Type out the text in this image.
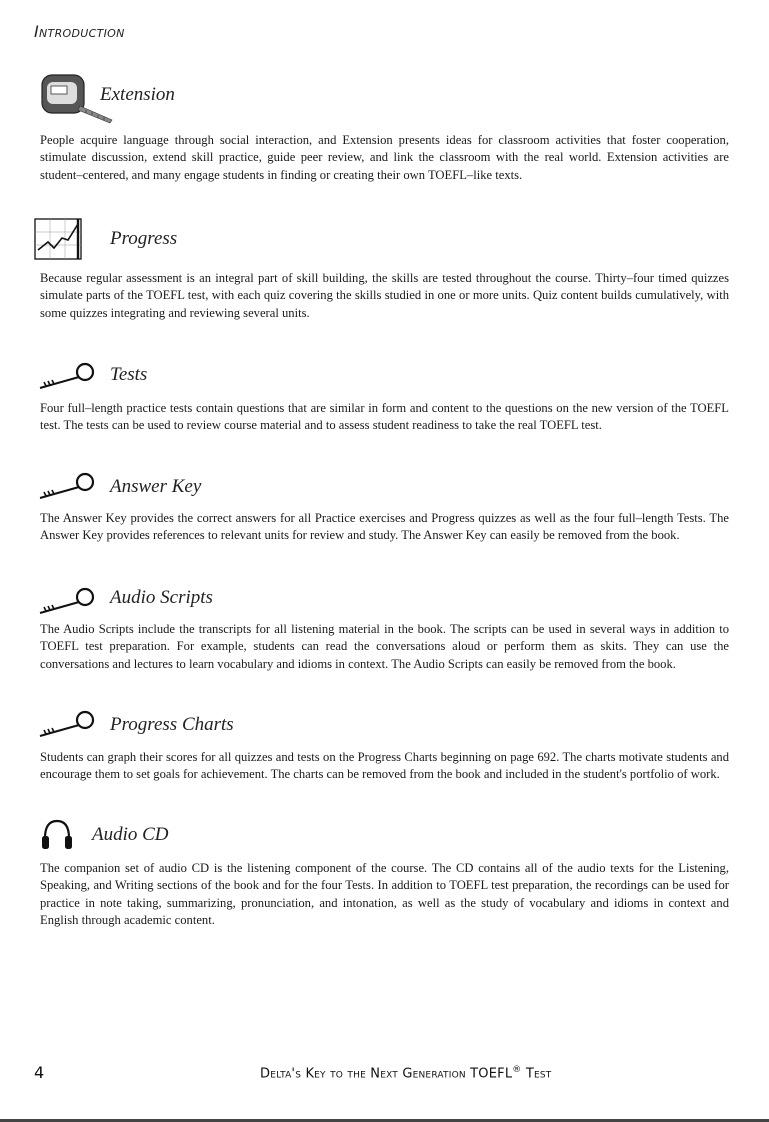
Introduction
Extension

People acquire language through social interaction, and Extension presents ideas for classroom activities that foster cooperation, stimulate discussion, extend skill practice, guide peer review, and link the classroom with the real world. Extension activities are student–centered, and many engage students in finding or creating their own TOEFL–like texts.

Progress

Because regular assessment is an integral part of skill building, the skills are tested throughout the course. Thirty–four timed quizzes simulate parts of the TOEFL test, with each quiz covering the skills studied in one or more units. Quiz content builds cumulatively, with some quizzes integrating and reviewing several units.

Tests

Four full–length practice tests contain questions that are similar in form and content to the questions on the new version of the TOEFL test. The tests can be used to review course material and to assess student readiness to take the real TOEFL test.

Answer Key

The Answer Key provides the correct answers for all Practice exercises and Progress quizzes as well as the four full–length Tests. The Answer Key provides references to relevant units for review and study. The Answer Key can easily be removed from the book.

Audio Scripts

The Audio Scripts include the transcripts for all listening material in the book. The scripts can be used in several ways in addition to TOEFL test preparation. For example, students can read the conversations aloud or perform them as skits. They can use the conversations and lectures to learn vocabulary and idioms in context. The Audio Scripts can easily be removed from the book.

Progress Charts

Students can graph their scores for all quizzes and tests on the Progress Charts beginning on page 692. The charts motivate students and encourage them to set goals for achievement. The charts can be removed from the book and included in the student's portfolio of work.

Audio CD

The companion set of audio CD is the listening component of the course. The CD contains all of the audio texts for the Listening, Speaking, and Writing sections of the book and for the four Tests. In addition to TOEFL test preparation, the recordings can be used for practice in note taking, summarizing, pronunciation, and intonation, as well as the study of vocabulary and idioms in context and English through academic content.

4	Delta's Key to the Next Generation TOEFL® Test
